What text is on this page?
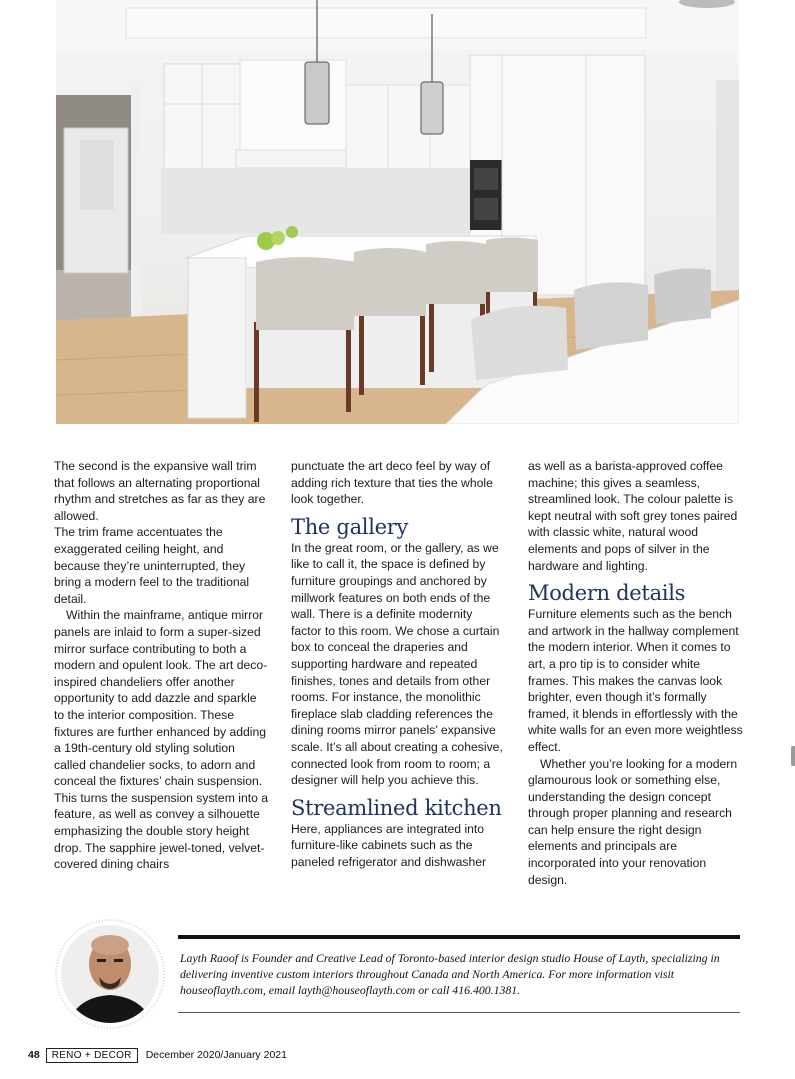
The second is the expansive wall trim that follows an alternating proportional rhythm and stretches as far as they are allowed.

The trim frame accentuates the exaggerated ceiling height, and because they’re uninterrupted, they bring a modern feel to the traditional detail.

Within the mainframe, antique mirror panels are inlaid to form a super-sized mirror surface contributing to both a modern and opulent look. The art deco-inspired chandeliers offer another opportunity to add dazzle and sparkle to the interior composition. These fixtures are further enhanced by adding a 19th-century old styling solution called chandelier socks, to adorn and conceal the fixtures’ chain suspension. This turns the suspension system into a feature, as well as convey a silhouette emphasizing the double story height drop. The sapphire jewel-toned, velvet-covered dining chairs

punctuate the art deco feel by way of adding rich texture that ties the whole look together.

The gallery

In the great room, or the gallery, as we like to call it, the space is defined by furniture groupings and anchored by millwork features on both ends of the wall. There is a definite modernity factor to this room. We chose a curtain box to conceal the draperies and supporting hardware and repeated finishes, tones and details from other rooms. For instance, the monolithic fireplace slab cladding references the dining rooms mirror panels’ expansive scale. It’s all about creating a cohesive, connected look from room to room; a designer will help you achieve this.

Streamlined kitchen

Here, appliances are integrated into furniture-like cabinets such as the paneled refrigerator and dishwasher

as well as a barista-approved coffee machine; this gives a seamless, streamlined look. The colour palette is kept neutral with soft grey tones paired with classic white, natural wood elements and pops of silver in the hardware and lighting.

Modern details

Furniture elements such as the bench and artwork in the hallway complement the modern interior. When it comes to art, a pro tip is to consider white frames. This makes the canvas look brighter, even though it’s formally framed, it blends in effortlessly with the white walls for an even more weightless effect.

Whether you’re looking for a modern glamourous look or something else, understanding the design concept through proper planning and research can help ensure the right design elements and principals are incorporated into your renovation design.

Layth Raoof is Founder and Creative Lead of Toronto-based interior design studio House of Layth, specializing in delivering inventive custom interiors throughout Canada and North America. For more information visit houseoflayth.com, email layth@houseoflayth.com or call 416.400.1381.
48	RENO + DECOR	December 2020/January 2021
